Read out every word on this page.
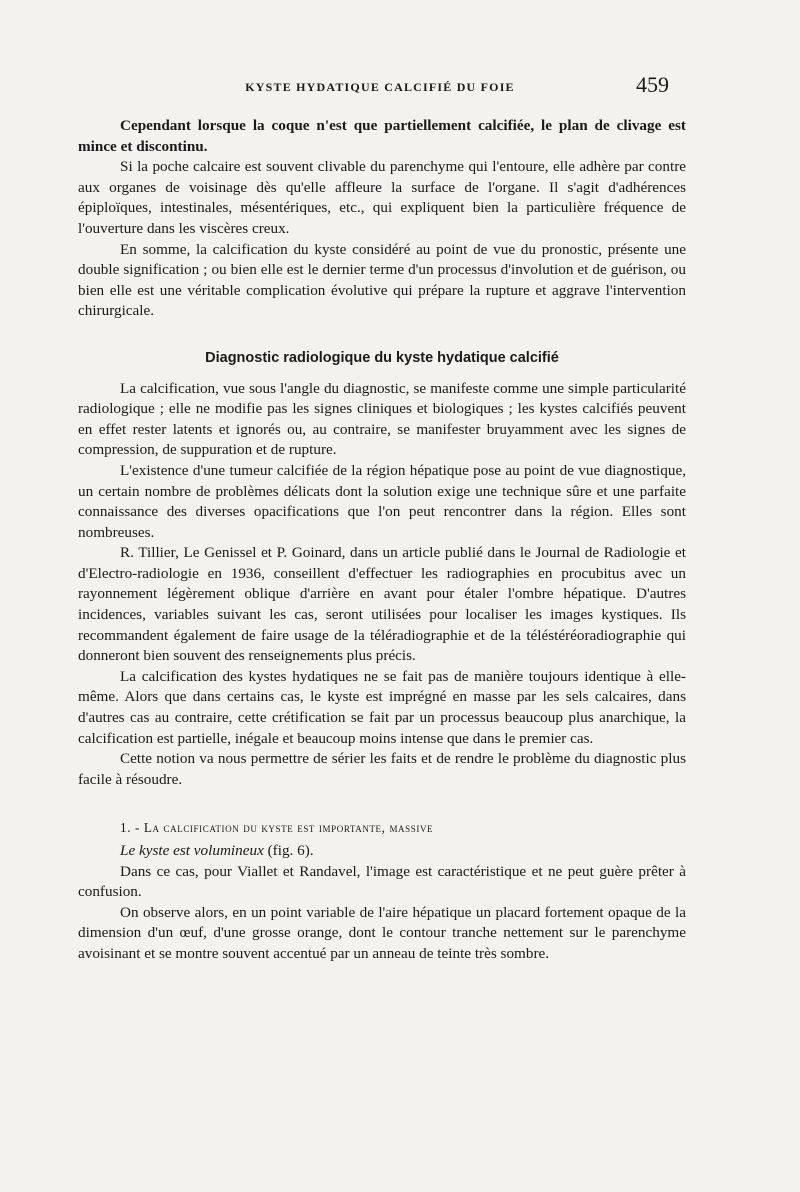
KYSTE HYDATIQUE CALCIFIÉ DU FOIE	459

Cependant lorsque la coque n'est que partiellement calcifiée, le plan de clivage est mince et discontinu.

Si la poche calcaire est souvent clivable du parenchyme qui l'entoure, elle adhère par contre aux organes de voisinage dès qu'elle affleure la surface de l'organe. Il s'agit d'adhérences épiploïques, intestinales, mésentériques, etc., qui expliquent bien la particulière fréquence de l'ouverture dans les viscères creux.

En somme, la calcification du kyste considéré au point de vue du pronostic, présente une double signification ; ou bien elle est le dernier terme d'un processus d'involution et de guérison, ou bien elle est une véritable complication évolutive qui prépare la rupture et aggrave l'intervention chirurgicale.

Diagnostic radiologique du kyste hydatique calcifié

La calcification, vue sous l'angle du diagnostic, se manifeste comme une simple particularité radiologique ; elle ne modifie pas les signes cliniques et biologiques ; les kystes calcifiés peuvent en effet rester latents et ignorés ou, au contraire, se manifester bruyamment avec les signes de compression, de suppuration et de rupture.

L'existence d'une tumeur calcifiée de la région hépatique pose au point de vue diagnostique, un certain nombre de problèmes délicats dont la solution exige une technique sûre et une parfaite connaissance des diverses opacifications que l'on peut rencontrer dans la région. Elles sont nombreuses.

R. Tillier, Le Genissel et P. Goinard, dans un article publié dans le Journal de Radiologie et d'Electro-radiologie en 1936, conseillent d'effectuer les radiographies en procubitus avec un rayonnement légèrement oblique d'arrière en avant pour étaler l'ombre hépatique. D'autres incidences, variables suivant les cas, seront utilisées pour localiser les images kystiques. Ils recommandent également de faire usage de la téléradiographie et de la téléstéréoradiographie qui donneront bien souvent des renseignements plus précis.

La calcification des kystes hydatiques ne se fait pas de manière toujours identique à elle-même. Alors que dans certains cas, le kyste est imprégné en masse par les sels calcaires, dans d'autres cas au contraire, cette crétification se fait par un processus beaucoup plus anarchique, la calcification est partielle, inégale et beaucoup moins intense que dans le premier cas.

Cette notion va nous permettre de sérier les faits et de rendre le problème du diagnostic plus facile à résoudre.

1. - La calcification du kyste est importante, massive

Le kyste est volumineux (fig. 6).

Dans ce cas, pour Viallet et Randavel, l'image est caractéristique et ne peut guère prêter à confusion.

On observe alors, en un point variable de l'aire hépatique un placard fortement opaque de la dimension d'un œuf, d'une grosse orange, dont le contour tranche nettement sur le parenchyme avoisinant et se montre souvent accentué par un anneau de teinte très sombre.
